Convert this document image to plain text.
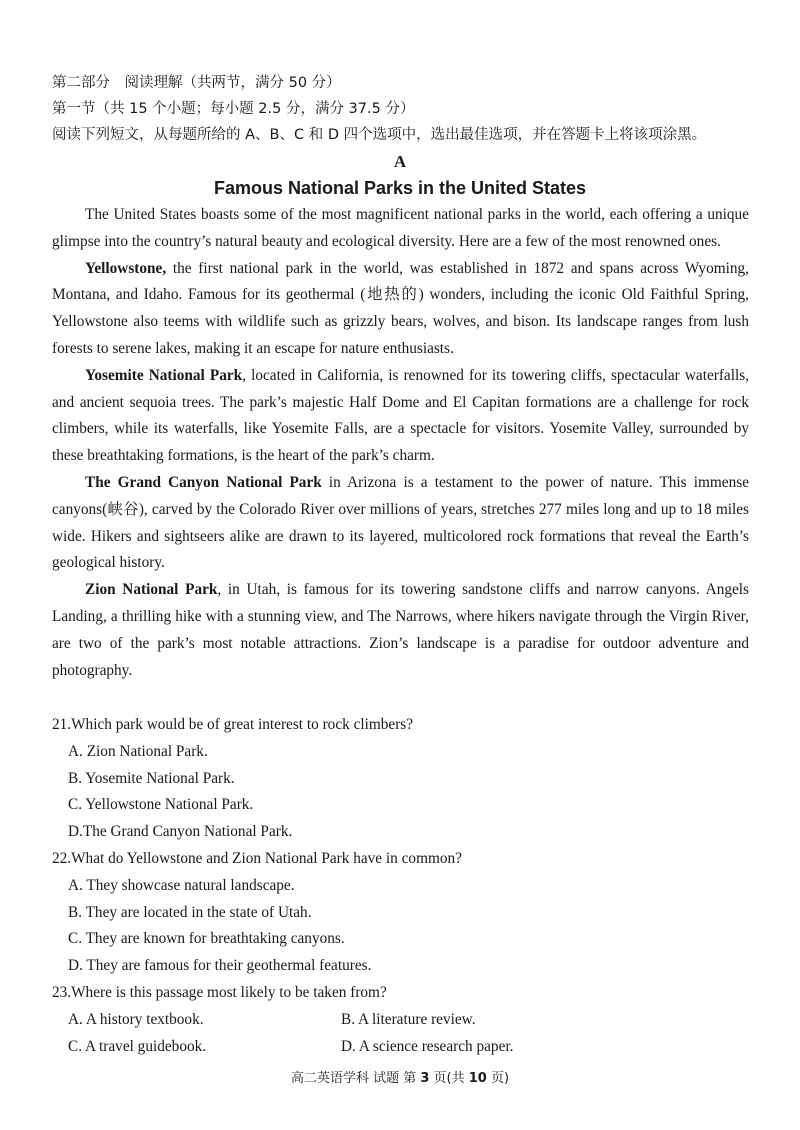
第二部分　阅读理解（共两节，满分 50 分）
第一节（共 15 个小题；每小题 2.5 分，满分 37.5 分）
阅读下列短文，从每题所给的 A、B、C 和 D 四个选项中，选出最佳选项，并在答题卡上将该项涂黑。
A
Famous National Parks in the United States

The United States boasts some of the most magnificent national parks in the world, each offering a unique glimpse into the country’s natural beauty and ecological diversity. Here are a few of the most renowned ones.

Yellowstone, the first national park in the world, was established in 1872 and spans across Wyoming, Montana, and Idaho. Famous for its geothermal (地热的) wonders, including the iconic Old Faithful Spring, Yellowstone also teems with wildlife such as grizzly bears, wolves, and bison. Its landscape ranges from lush forests to serene lakes, making it an escape for nature enthusiasts.

Yosemite National Park, located in California, is renowned for its towering cliffs, spectacular waterfalls, and ancient sequoia trees. The park’s majestic Half Dome and El Capitan formations are a challenge for rock climbers, while its waterfalls, like Yosemite Falls, are a spectacle for visitors. Yosemite Valley, surrounded by these breathtaking formations, is the heart of the park’s charm.

The Grand Canyon National Park in Arizona is a testament to the power of nature. This immense canyons(峡谷), carved by the Colorado River over millions of years, stretches 277 miles long and up to 18 miles wide. Hikers and sightseers alike are drawn to its layered, multicolored rock formations that reveal the Earth’s geological history.

Zion National Park, in Utah, is famous for its towering sandstone cliffs and narrow canyons. Angels Landing, a thrilling hike with a stunning view, and The Narrows, where hikers navigate through the Virgin River, are two of the park’s most notable attractions. Zion’s landscape is a paradise for outdoor adventure and photography.

21.Which park would be of great interest to rock climbers?
A. Zion National Park.
B. Yosemite National Park.
C. Yellowstone National Park.
D.The Grand Canyon National Park.
22.What do Yellowstone and Zion National Park have in common?
A. They showcase natural landscape.
B. They are located in the state of Utah.
C. They are known for breathtaking canyons.
D. They are famous for their geothermal features.
23.Where is this passage most likely to be taken from?
A. A history textbook.	B. A literature review.
C. A travel guidebook.	D. A science research paper.
高二英语学科 试题 第 3 页(共 10 页)
